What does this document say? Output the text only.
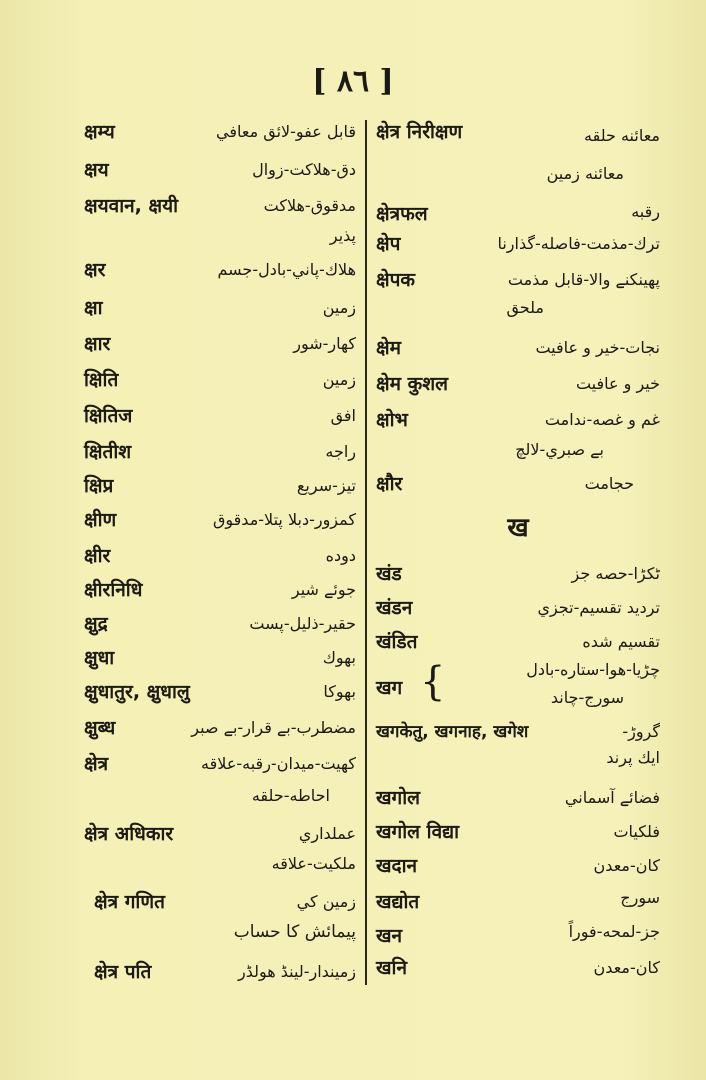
[ ٨٦ ]
क्षम्य	قابل عفو-لائق معافي
क्षय	دق-هلاكت-زوال
क्षयवान, क्षयी	مدقوق-هلاكت
پذير
क्षर	هلاك-پاني-بادل-جسم
क्षा	زمين
क्षार	كهار-شور
क्षिति	زمين
क्षितिज	افق
क्षितीश	راجه
क्षिप्र	تيز-سريع
क्षीण	كمزور-دبلا پتلا-مدقوق
क्षीर	دوده
क्षीरनिधि	جوئے شير
क्षुद्र	حقير-ذليل-پست
क्षुधा	بهوك
क्षुधातुर, क्षुधालु	بهوكا
क्षुब्ध	مضطرب-بے قرار-بے صبر
क्षेत्र	كهيت-ميدان-رقبه-علاقه
احاطه-حلقه
क्षेत्र अधिकार	عملداري
ملكيت-علاقه
क्षेत्र गणित	زمين كي
پيمائش كا حساب
क्षेत्र पति	زميندار-لينڈ هولڈر
क्षेत्र निरीक्षण	معائنه حلقه
معائنه زمين
क्षेत्रफल	رقبه
क्षेप	ترك-مذمت-فاصله-گذارنا
क्षेपक	پهينكنے والا-قابل مذمت
ملحق
क्षेम	نجات-خير و عافيت
क्षेम कुशल	خير و عافيت
क्षोभ	غم و غصه-ندامت
بے صبري-لالچ
क्षौर	حجامت
ख
खंड	ٹكڑا-حصه جز
खंडन	ترديد تقسيم-تجزي
खंडित	تقسيم شده
खग {	چڑيا-هوا-ستاره-بادل
سورج-چاند
खगकेतु, खगनाह, खगेश	گروڑ-
ايك پرند
खगोल	فضائے آسماني
खगोल विद्या	فلكيات
खदान	كان-معدن
खद्योत	سورج
खन	جز-لمحه-فوراً
खनि	كان-معدن
